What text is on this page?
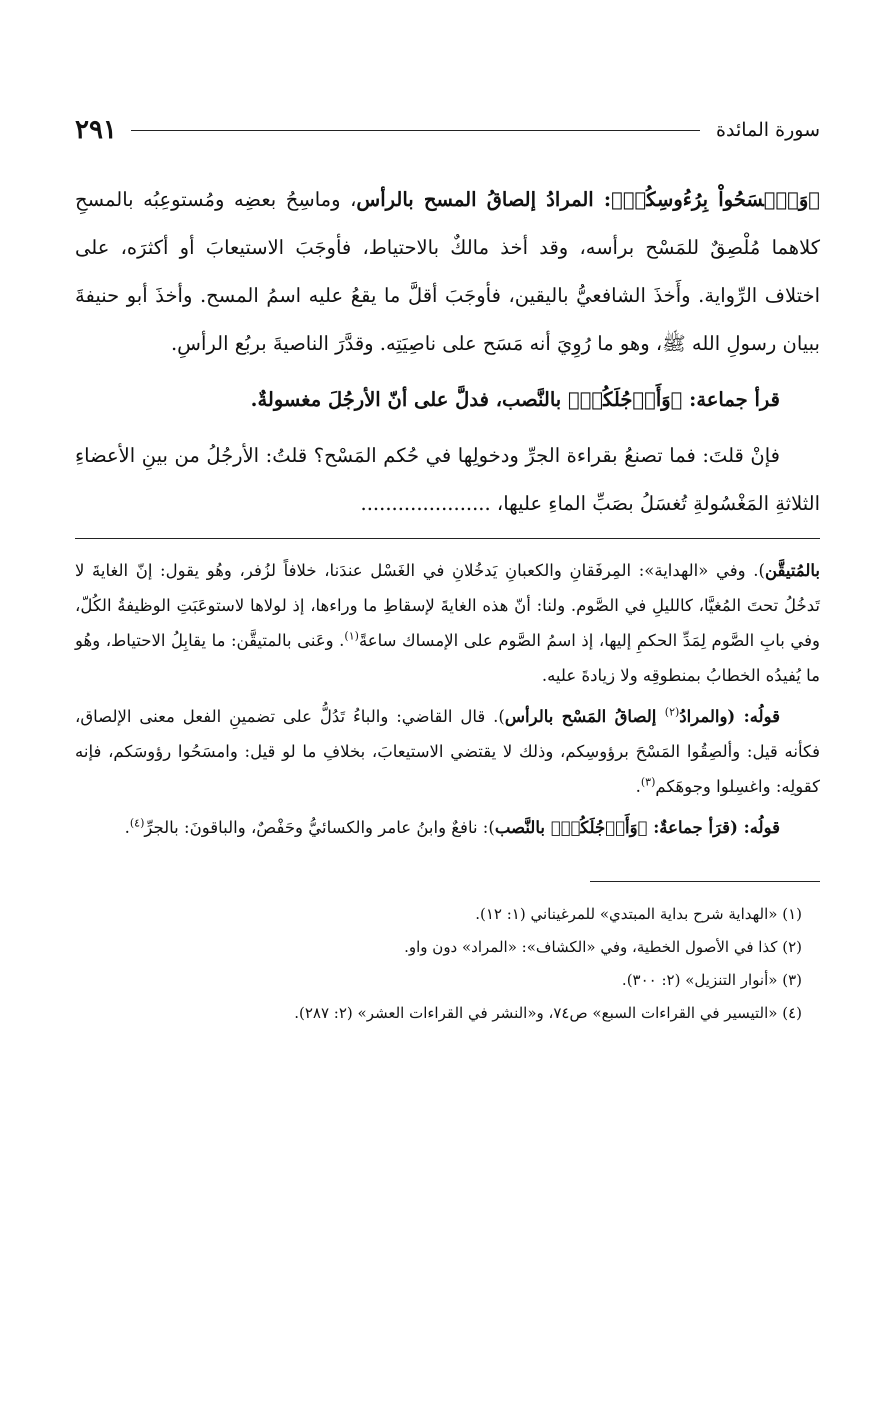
سورة المائدة
٢٩١

﴿وَٱمۡسَحُواْ بِرُءُوسِكُمۡ﴾: المرادُ إلصاقُ المسح بالرأس، وماسِحُ بعضِه ومُستوعِبُه بالمسحِ كلاهما مُلْصِقٌ للمَسْح برأسه، وقد أخذ مالكٌ بالاحتياط، فأوجَبَ الاستيعابَ أو أكثرَه، على اختلاف الرِّواية. وأَخذَ الشافعيُّ باليقين، فأوجَبَ أقلَّ ما يقعُ عليه اسمُ المسح. وأخذَ أبو حنيفةَ ببيان رسولِ الله ﷺ، وهو ما رُوِيَ أنه مَسَح على ناصِيَتِه. وقدَّرَ الناصيةَ بربُع الرأسِ.

قرأ جماعة: ﴿وَأَرۡجُلَكُمۡ﴾ بالنَّصب، فدلَّ على أنّ الأرجُلَ مغسولةٌ.

فإنْ قلتَ: فما تصنعُ بقراءة الجرِّ ودخولِها في حُكم المَسْح؟ قلتُ: الأرجُلُ من بينِ الأعضاءِ الثلاثةِ المَغْسُولةِ تُغسَلُ بصَبِّ الماءِ عليها، .....................

بالمُتيقَّن). وفي «الهداية»: المِرفَقانِ والكعبانِ يَدخُلانِ في الغَسْل عندَنا، خلافاً لزُفر، وهُو يقول: إنّ الغايةَ لا تَدخُلُ تحتَ المُغيَّا، كالليلِ في الصَّوم. ولنا: أنّ هذه الغايةَ لإسقاطِ ما وراءها، إذ لولاها لاستوعَبَتِ الوظيفةُ الكُلّ، وفي بابِ الصَّوم لِمَدِّ الحكمِ إليها، إذ اسمُ الصَّوم على الإمساك ساعةً$^{(١)}$. وعَنى بالمتيقَّن: ما يقابِلُ الاحتياط، وهُو ما يُفيدُه الخطابُ بمنطوقِه ولا زيادةَ عليه.

قولُه: (والمرادُ$^{(٢)}$ إلصاقُ المَسْح بالرأس). قال القاضي: والباءُ تَدُلُّ على تضمينِ الفعل معنى الإلصاق، فكأنه قيل: وألصِقُوا المَسْحَ برؤوسِكم، وذلك لا يقتضي الاستيعابَ، بخلافِ ما لو قيل: وامسَحُوا رؤوسَكم، فإنه كقولِه: واغسِلوا وجوهَكم$^{(٣)}$.

قولُه: (قرَأ جماعةٌ: ﴿وَأَرۡجُلَكُمۡ﴾ بالنَّصب): نافعٌ وابنُ عامر والكسائيُّ وحَفْصٌ، والباقونَ: بالجرِّ$^{(٤)}$.

(١) «الهداية شرح بداية المبتدي» للمرغيناني (١: ١٢).
(٢) كذا في الأصول الخطية، وفي «الكشاف»: «المراد» دون واو.
(٣) «أنوار التنزيل» (٢: ٣٠٠).
(٤) «التيسير في القراءات السبع» ص٧٤، و«النشر في القراءات العشر» (٢: ٢٨٧).
